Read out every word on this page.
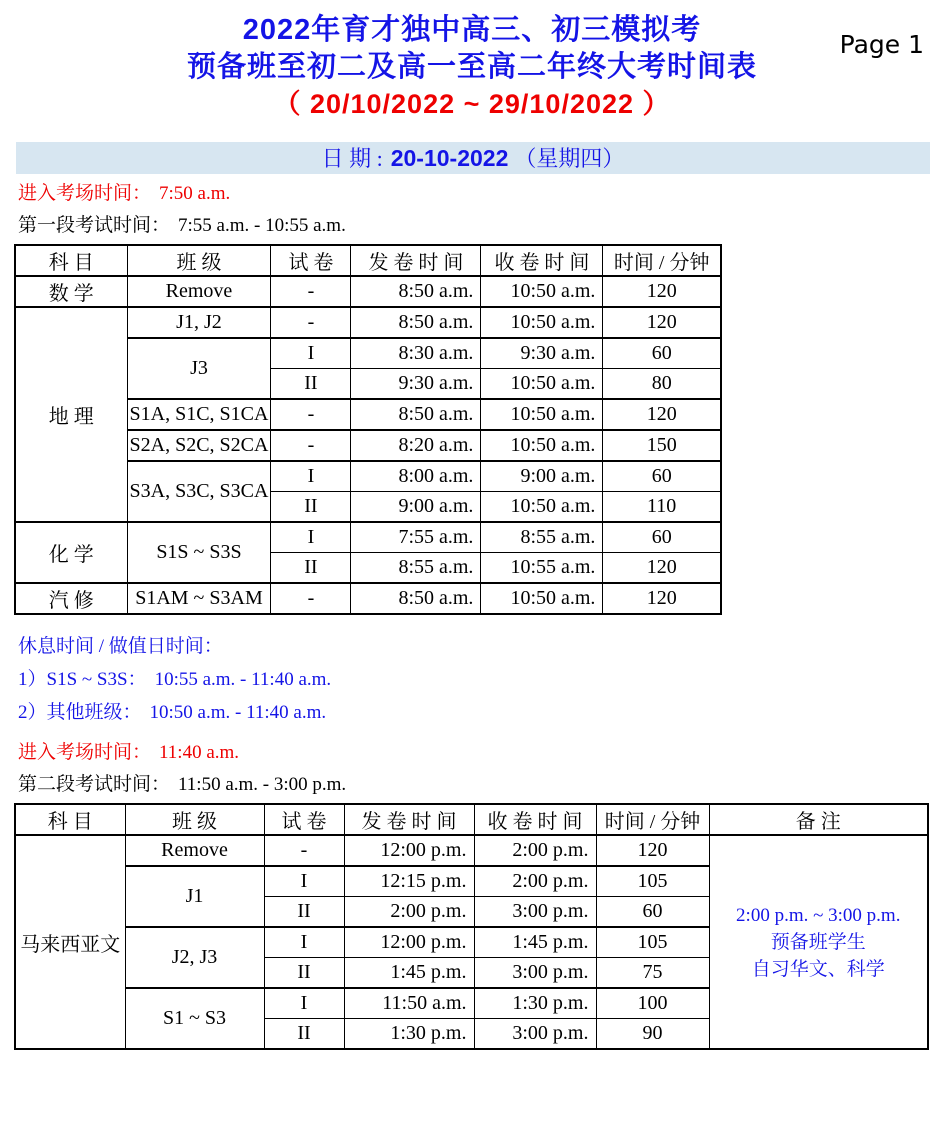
Page 1
2022年育才独中高三、初三模拟考
预备班至初二及高一至高二年终大考时间表
（ 20/10/2022 ~ 29/10/2022 ）
日 期 : 20-10-2022 （星期四）
进入考场时间： 7:50 a.m.
第一段考试时间： 7:55 a.m. - 10:55 a.m.
科 目	班 级	试 卷	发 卷 时 间	收 卷 时 间	时间 / 分钟
数 学	Remove	-	8:50 a.m.	10:50 a.m.	120
地 理	J1, J2	-	8:50 a.m.	10:50 a.m.	120
	J3	I	8:30 a.m.	9:30 a.m.	60
		II	9:30 a.m.	10:50 a.m.	80
	S1A, S1C, S1CA	-	8:50 a.m.	10:50 a.m.	120
	S2A, S2C, S2CA	-	8:20 a.m.	10:50 a.m.	150
	S3A, S3C, S3CA	I	8:00 a.m.	9:00 a.m.	60
		II	9:00 a.m.	10:50 a.m.	110
化 学	S1S ~ S3S	I	7:55 a.m.	8:55 a.m.	60
		II	8:55 a.m.	10:55 a.m.	120
汽 修	S1AM ~ S3AM	-	8:50 a.m.	10:50 a.m.	120
休息时间 / 做值日时间：
1）S1S ~ S3S： 10:55 a.m. - 11:40 a.m.
2）其他班级： 10:50 a.m. - 11:40 a.m.
进入考场时间： 11:40 a.m.
第二段考试时间： 11:50 a.m. - 3:00 p.m.
科 目	班 级	试 卷	发 卷 时 间	收 卷 时 间	时间 / 分钟	备 注
马来西亚文	Remove	-	12:00 p.m.	2:00 p.m.	120	2:00 p.m. ~ 3:00 p.m.
预备班学生
自习华文、科学
	J1	I	12:15 p.m.	2:00 p.m.	105	
		II	2:00 p.m.	3:00 p.m.	60	
	J2, J3	I	12:00 p.m.	1:45 p.m.	105	
		II	1:45 p.m.	3:00 p.m.	75	
	S1 ~ S3	I	11:50 a.m.	1:30 p.m.	100	
		II	1:30 p.m.	3:00 p.m.	90	
